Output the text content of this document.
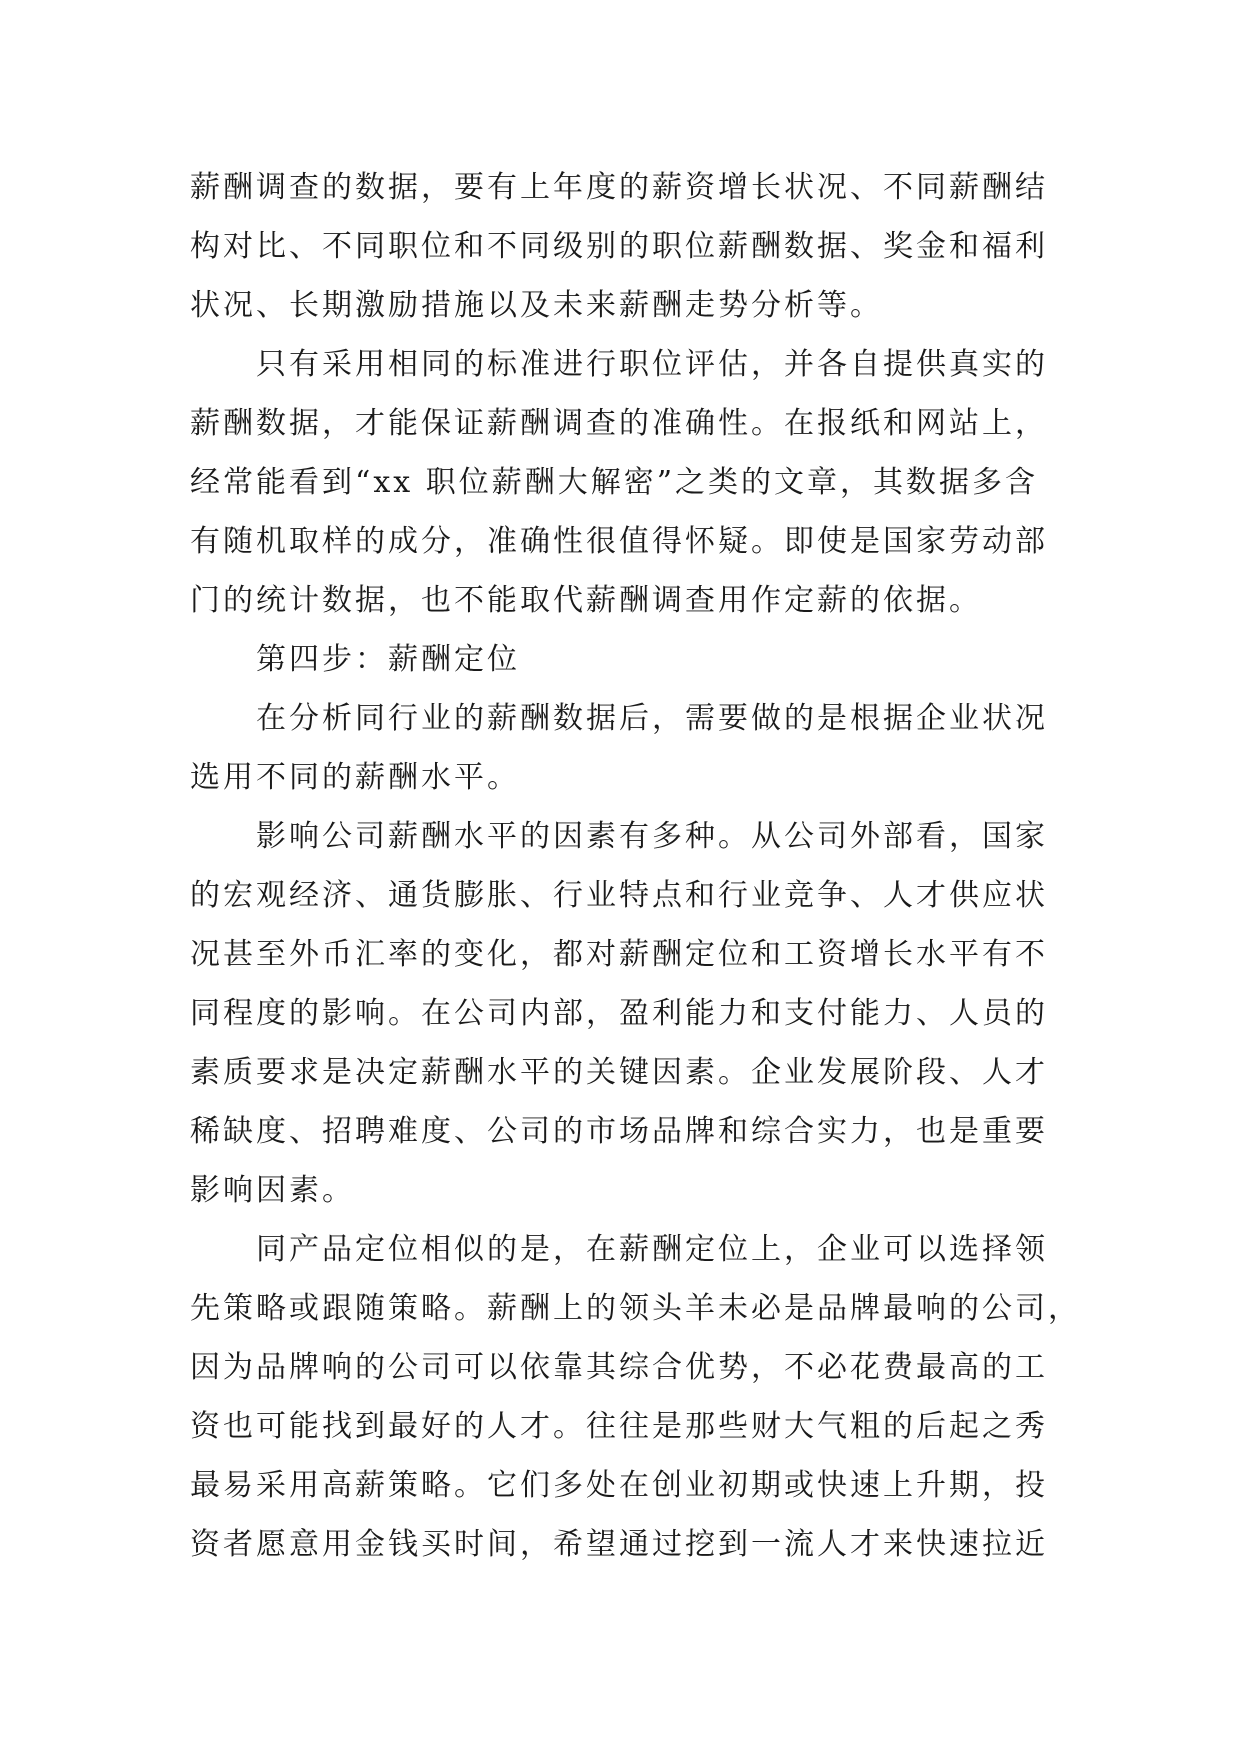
薪酬调查的数据，要有上年度的薪资增长状况、不同薪酬结
构对比、不同职位和不同级别的职位薪酬数据、奖金和福利
状况、长期激励措施以及未来薪酬走势分析等。
只有采用相同的标准进行职位评估，并各自提供真实的
薪酬数据，才能保证薪酬调查的准确性。在报纸和网站上，
经常能看到“xx 职位薪酬大解密”之类的文章，其数据多含
有随机取样的成分，准确性很值得怀疑。即使是国家劳动部
门的统计数据，也不能取代薪酬调查用作定薪的依据。
第四步：薪酬定位
在分析同行业的薪酬数据后，需要做的是根据企业状况
选用不同的薪酬水平。
影响公司薪酬水平的因素有多种。从公司外部看，国家
的宏观经济、通货膨胀、行业特点和行业竞争、人才供应状
况甚至外币汇率的变化，都对薪酬定位和工资增长水平有不
同程度的影响。在公司内部，盈利能力和支付能力、人员的
素质要求是决定薪酬水平的关键因素。企业发展阶段、人才
稀缺度、招聘难度、公司的市场品牌和综合实力，也是重要
影响因素。
同产品定位相似的是，在薪酬定位上，企业可以选择领
先策略或跟随策略。薪酬上的领头羊未必是品牌最响的公司，
因为品牌响的公司可以依靠其综合优势，不必花费最高的工
资也可能找到最好的人才。往往是那些财大气粗的后起之秀
最易采用高薪策略。它们多处在创业初期或快速上升期，投
资者愿意用金钱买时间，希望通过挖到一流人才来快速拉近
